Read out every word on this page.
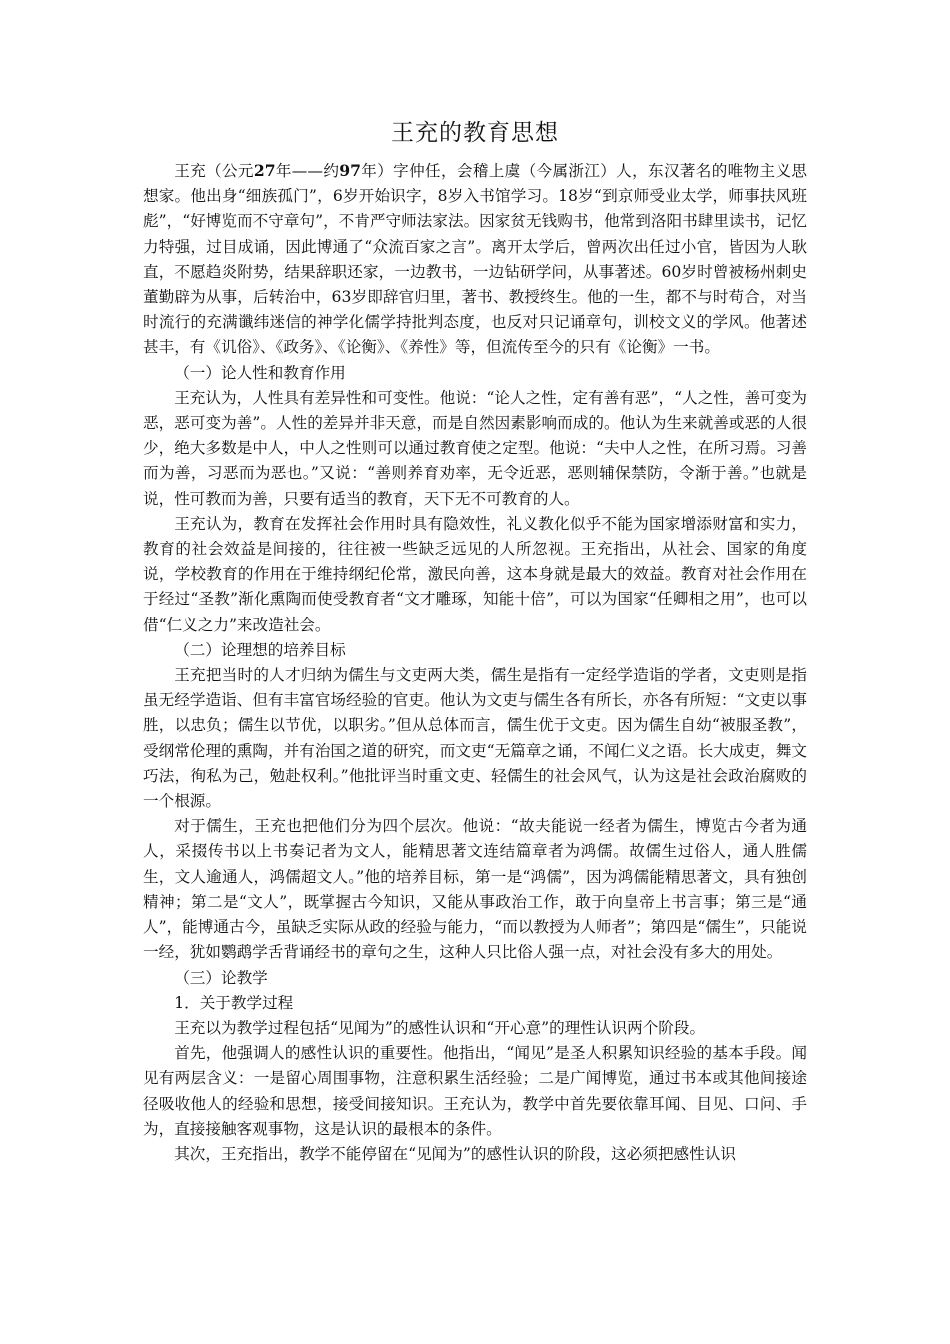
王充的教育思想

王充（公元27年——约97年）字仲任，会稽上虞（今属浙江）人，东汉著名的唯物主义思想家。他出身“细族孤门”，6岁开始识字，8岁入书馆学习。18岁“到京师受业太学，师事扶风班彪”，“好博览而不守章句”，不肯严守师法家法。因家贫无钱购书，他常到洛阳书肆里读书，记忆力特强，过目成诵，因此博通了“众流百家之言”。离开太学后，曾两次出任过小官，皆因为人耿直，不愿趋炎附势，结果辞职还家，一边教书，一边钻研学问，从事著述。60岁时曾被杨州刺史董勤辟为从事，后转治中，63岁即辞官归里，著书、教授终生。他的一生，都不与时苟合，对当时流行的充满谶纬迷信的神学化儒学持批判态度，也反对只记诵章句，训校文义的学风。他著述甚丰，有《讥俗》、《政务》、《论衡》、《养性》等，但流传至今的只有《论衡》一书。

（一）论人性和教育作用

王充认为，人性具有差异性和可变性。他说：“论人之性，定有善有恶”，“人之性，善可变为恶，恶可变为善”。人性的差异并非天意，而是自然因素影响而成的。他认为生来就善或恶的人很少，绝大多数是中人，中人之性则可以通过教育使之定型。他说：“夫中人之性，在所习焉。习善而为善，习恶而为恶也。”又说：“善则养育劝率，无令近恶，恶则辅保禁防，令渐于善。”也就是说，性可教而为善，只要有适当的教育，天下无不可教育的人。

王充认为，教育在发挥社会作用时具有隐效性，礼义教化似乎不能为国家增添财富和实力，教育的社会效益是间接的，往往被一些缺乏远见的人所忽视。王充指出，从社会、国家的角度说，学校教育的作用在于维持纲纪伦常，激民向善，这本身就是最大的效益。教育对社会作用在于经过“圣教”渐化熏陶而使受教育者“文才雕琢，知能十倍”，可以为国家“任卿相之用”，也可以借“仁义之力”来改造社会。

（二）论理想的培养目标

王充把当时的人才归纳为儒生与文吏两大类，儒生是指有一定经学造诣的学者，文吏则是指虽无经学造诣、但有丰富官场经验的官吏。他认为文吏与儒生各有所长，亦各有所短：“文吏以事胜，以忠负；儒生以节优，以职劣。”但从总体而言，儒生优于文吏。因为儒生自幼“被服圣教”，受纲常伦理的熏陶，并有治国之道的研究，而文吏“无篇章之诵，不闻仁义之语。长大成吏，舞文巧法，徇私为己，勉赴权利。”他批评当时重文吏、轻儒生的社会风气，认为这是社会政治腐败的一个根源。

对于儒生，王充也把他们分为四个层次。他说：“故夫能说一经者为儒生，博览古今者为通人，采掇传书以上书奏记者为文人，能精思著文连结篇章者为鸿儒。故儒生过俗人，通人胜儒生，文人逾通人，鸿儒超文人。”他的培养目标，第一是“鸿儒”，因为鸿儒能精思著文，具有独创精神；第二是“文人”，既掌握古今知识，又能从事政治工作，敢于向皇帝上书言事；第三是“通人”，能博通古今，虽缺乏实际从政的经验与能力，“而以教授为人师者”；第四是“儒生”，只能说一经，犹如鹦鹉学舌背诵经书的章句之生，这种人只比俗人强一点，对社会没有多大的用处。

（三）论教学

1．关于教学过程

王充以为教学过程包括“见闻为”的感性认识和“开心意”的理性认识两个阶段。

首先，他强调人的感性认识的重要性。他指出，“闻见”是圣人积累知识经验的基本手段。闻见有两层含义：一是留心周围事物，注意积累生活经验；二是广闻博览，通过书本或其他间接途径吸收他人的经验和思想，接受间接知识。王充认为，教学中首先要依靠耳闻、目见、口问、手为，直接接触客观事物，这是认识的最根本的条件。

其次，王充指出，教学不能停留在“见闻为”的感性认识的阶段，这必须把感性认识
